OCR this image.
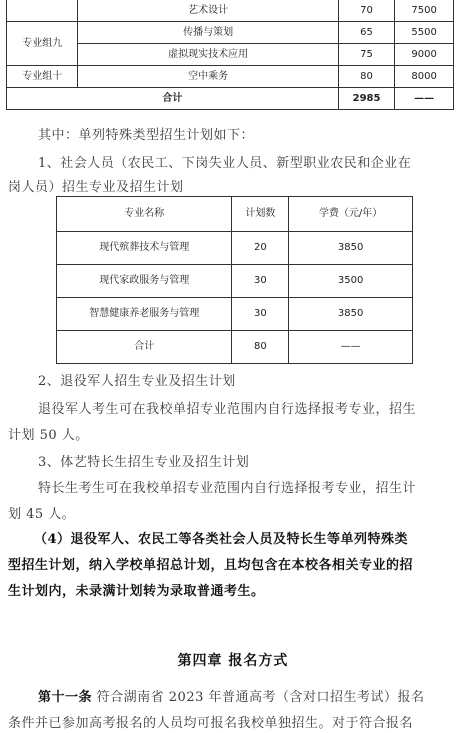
	艺术设计	70	7500
专业组九	传播与策划	65	5500
	虚拟现实技术应用	75	9000
专业组十	空中乘务	80	8000
合计		2985	——
其中：单列特殊类型招生计划如下：
1、社会人员（农民工、下岗失业人员、新型职业农民和企业在
岗人员）招生专业及招生计划
专业名称	计划数	学费（元/年）
现代殡葬技术与管理	20	3850
现代家政服务与管理	30	3500
智慧健康养老服务与管理	30	3850
合计	80	——
2、退役军人招生专业及招生计划
退役军人考生可在我校单招专业范围内自行选择报考专业，招生
计划 50 人。
3、体艺特长生招生专业及招生计划
特长生考生可在我校单招专业范围内自行选择报考专业，招生计
划 45 人。
（4）退役军人、农民工等各类社会人员及特长生等单列特殊类
型招生计划，纳入学校单招总计划，且均包含在本校各相关专业的招
生计划内，未录满计划转为录取普通考生。
第四章 报名方式
第十一条 符合湖南省 2023 年普通高考（含对口招生考试）报名
条件并已参加高考报名的人员均可报名我校单独招生。对于符合报名
